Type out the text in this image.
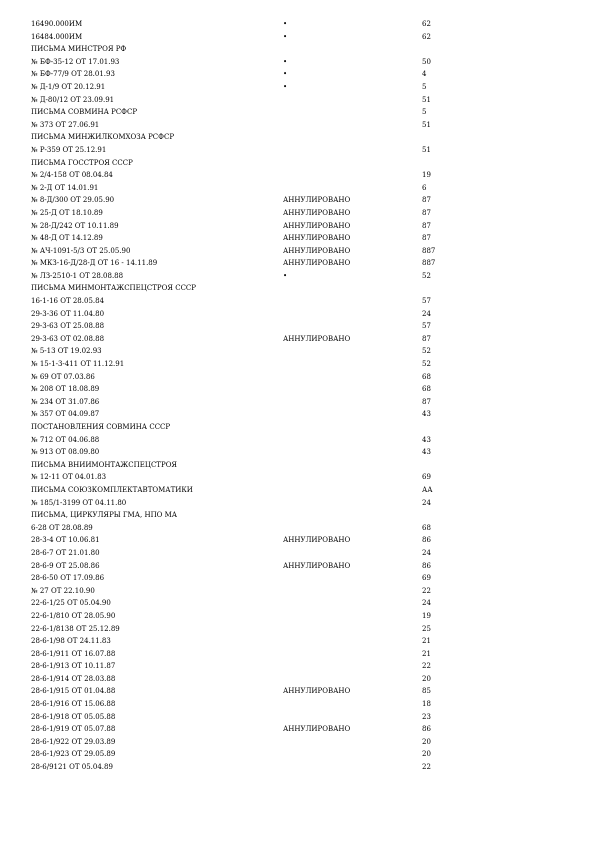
16490.000ИМ	•	62
16484.000ИМ	•	62
ПИСЬМА МИНСТРОЯ РФ
№ БФ-35-12 ОТ 17.01.93	•	50
№ БФ-77/9 ОТ 28.01.93	•	4
№ Д-1/9 ОТ 20.12.91	•	5
№ Д-80/12 ОТ 23.09.91	51
ПИСЬМА СОВМИНА РСФСР	5
№ 373 ОТ 27.06.91	51
ПИСЬМА МИНЖИЛКОМХОЗА РСФСР
№ Р-359 ОТ 25.12.91	51
ПИСЬМА ГОССТРОЯ СССР
№ 2/4-158 ОТ 08.04.84	19
№ 2-Д ОТ 14.01.91	6
№ 8-Д/300 ОТ 29.05.90	АННУЛИРОВАНО	87
№ 25-Д ОТ 18.10.89	АННУЛИРОВАНО	87
№ 28-Д/242 ОТ 10.11.89	АННУЛИРОВАНО	87
№ 48-Д ОТ 14.12.89	АННУЛИРОВАНО	87
№ АЧ-1091-5/3 ОТ 25.05.90	АННУЛИРОВАНО	887
№ МКЗ-16-Д/28-Д ОТ 16 - 14.11.89	АННУЛИРОВАНО	887
№ ЛЗ-2510-1 ОТ 28.08.88	•	52
ПИСЬМА МИНМОНТАЖСПЕЦСТРОЯ СССР
16-1-16 ОТ 28.05.84	57
29-3-36 ОТ 11.04.80	24
29-3-63 ОТ 25.08.88	57
29-3-63 ОТ 02.08.88	АННУЛИРОВАНО	87
№ 5-13 ОТ 19.02.93	52
№ 15-1-3-411 ОТ 11.12.91	52
№ 69 ОТ 07.03.86	68
№ 208 ОТ 18.08.89	68
№ 234 ОТ 31.07.86	87
№ 357 ОТ 04.09.87	43
ПОСТАНОВЛЕНИЯ СОВМИНА СССР
№ 712 ОТ 04.06.88	43
№ 913 ОТ 08.09.80	43
ПИСЬМА ВНИИМОНТАЖСПЕЦСТРОЯ
№ 12-11 ОТ 04.01.83	69
ПИСЬМА СОЮЗКОМПЛЕКТАВТОМАТИКИ	АА
№ 185/1-3199 ОТ 04.11.80	24
ПИСЬМА, ЦИРКУЛЯРЫ ГМА, НПО МА
6-28 ОТ 28.08.89	68
28-3-4 ОТ 10.06.81	АННУЛИРОВАНО	86
28-6-7 ОТ 21.01.80	24
28-6-9 ОТ 25.08.86	АННУЛИРОВАНО	86
28-6-50 ОТ 17.09.86	69
№ 27 ОТ 22.10.90	22
22-6-1/25 ОТ 05.04.90	24
22-6-1/810 ОТ 28.05.90	19
22-6-1/8138 ОТ 25.12.89	25
28-6-1/98 ОТ 24.11.83	21
28-6-1/911 ОТ 16.07.88	21
28-6-1/913 ОТ 10.11.87	22
28-6-1/914 ОТ 28.03.88	20
28-6-1/915 ОТ 01.04.88	АННУЛИРОВАНО	85
28-6-1/916 ОТ 15.06.88	18
28-6-1/918 ОТ 05.05.88	23
28-6-1/919 ОТ 05.07.88	АННУЛИРОВАНО	86
28-6-1/922 ОТ 29.03.89	20
28-6-1/923 ОТ 29.05.89	20
28-6/9121 ОТ 05.04.89	22
